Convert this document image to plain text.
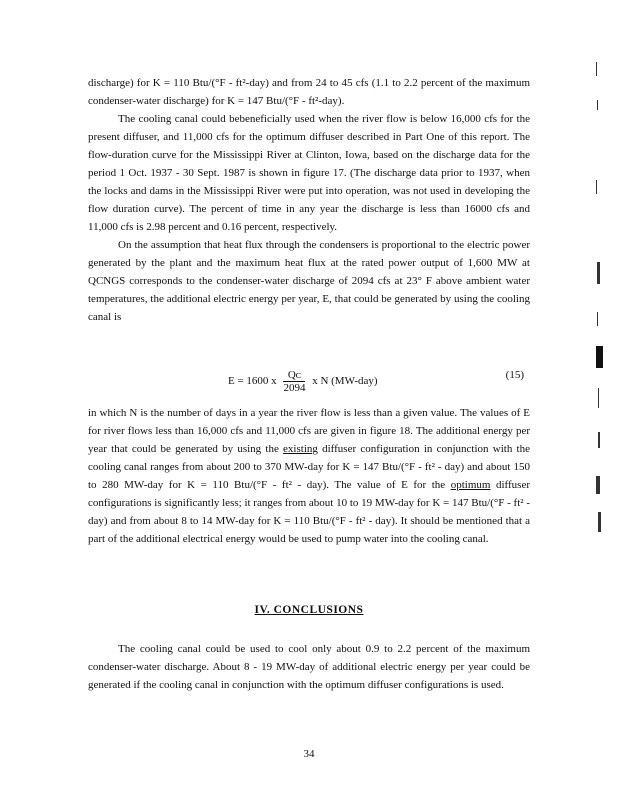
discharge) for K = 110 Btu/(°F - ft²-day) and from 24 to 45 cfs (1.1 to 2.2 percent of the maximum condenser-water discharge) for K = 147 Btu/(°F - ft²-day).

The cooling canal could bebeneficially used when the river flow is below 16,000 cfs for the present diffuser, and 11,000 cfs for the optimum diffuser described in Part One of this report. The flow-duration curve for the Mississippi River at Clinton, Iowa, based on the discharge data for the period 1 Oct. 1937 - 30 Sept. 1987 is shown in figure 17. (The discharge data prior to 1937, when the locks and dams in the Mississippi River were put into operation, was not used in developing the flow duration curve). The percent of time in any year the discharge is less than 16000 cfs and 11,000 cfs is 2.98 percent and 0.16 percent, respectively.

On the assumption that heat flux through the condensers is proportional to the electric power generated by the plant and the maximum heat flux at the rated power output of 1,600 MW at QCNGS corresponds to the condenser-water discharge of 2094 cfs at 23° F above ambient water temperatures, the additional electric energy per year, E, that could be generated by using the cooling canal is

E = 1600 x $\frac{\text{Qᴄ}}{2094}$ x N (MW-day)
(15)

in which N is the number of days in a year the river flow is less than a given value. The values of E for river flows less than 16,000 cfs and 11,000 cfs are given in figure 18. The additional energy per year that could be generated by using the existing diffuser configuration in conjunction with the cooling canal ranges from about 200 to 370 MW-day for K = 147 Btu/(°F - ft² - day) and about 150 to 280 MW-day for K = 110 Btu/(°F - ft² - day). The value of E for the optimum diffuser configurations is significantly less; it ranges from about 10 to 19 MW-day for K = 147 Btu/(°F - ft² - day) and from about 8 to 14 MW-day for K = 110 Btu/(°F - ft² - day). It should be mentioned that a part of the additional electrical energy would be used to pump water into the cooling canal.

IV. CONCLUSIONS

The cooling canal could be used to cool only about 0.9 to 2.2 percent of the maximum condenser-water discharge. About 8 - 19 MW-day of additional electric energy per year could be generated if the cooling canal in conjunction with the optimum diffuser configurations is used.

34
